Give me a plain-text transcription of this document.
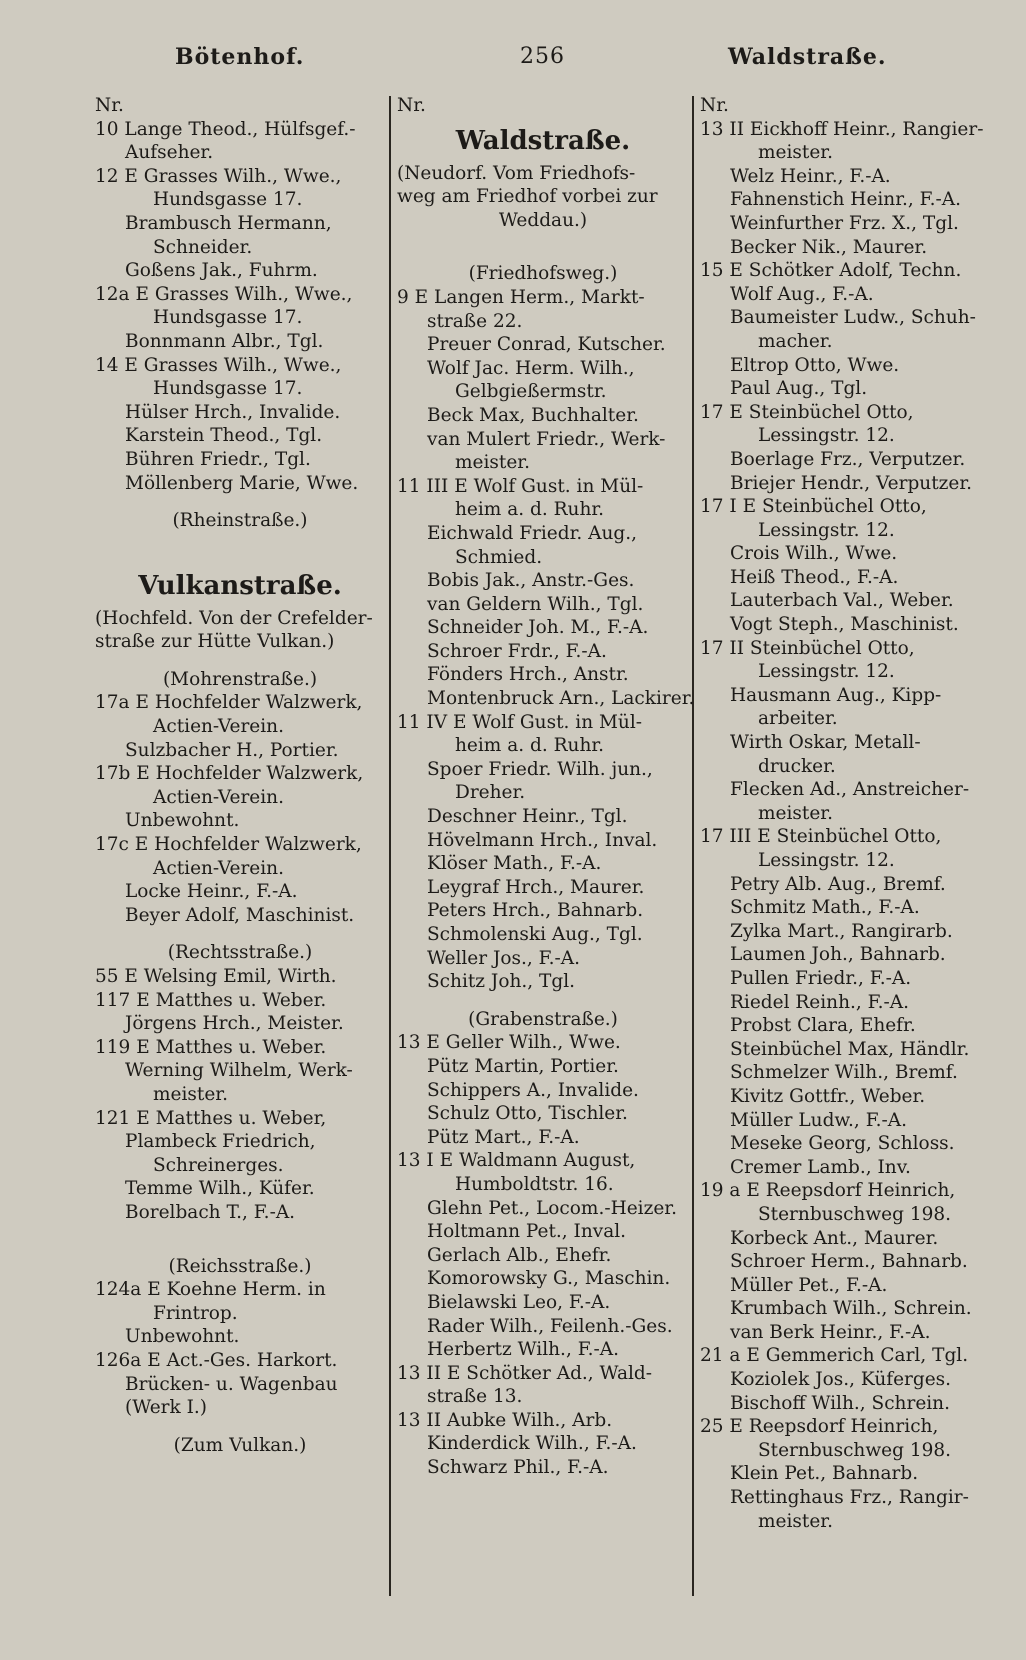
Bötenhof.	256	Waldstraße.
Nr.
10 Lange Theod., Hülfsgef.-
Aufseher.
12 E Grasses Wilh., Wwe.,
Hundsgasse 17.
Brambusch Hermann,
Schneider.
Goßens Jak., Fuhrm.
12a E Grasses Wilh., Wwe.,
Hundsgasse 17.
Bonnmann Albr., Tgl.
14 E Grasses Wilh., Wwe.,
Hundsgasse 17.
Hülser Hrch., Invalide.
Karstein Theod., Tgl.
Bühren Friedr., Tgl.
Möllenberg Marie, Wwe.
(Rheinstraße.)
Vulkanstraße.
(Hochfeld. Von der Crefelder-
straße zur Hütte Vulkan.)
(Mohrenstraße.)
17a E Hochfelder Walzwerk,
Actien-Verein.
Sulzbacher H., Portier.
17b E Hochfelder Walzwerk,
Actien-Verein.
Unbewohnt.
17c E Hochfelder Walzwerk,
Actien-Verein.
Locke Heinr., F.-A.
Beyer Adolf, Maschinist.
(Rechtsstraße.)
55 E Welsing Emil, Wirth.
117 E Matthes u. Weber.
Jörgens Hrch., Meister.
119 E Matthes u. Weber.
Werning Wilhelm, Werk-
meister.
121 E Matthes u. Weber,
Plambeck Friedrich,
Schreinerges.
Temme Wilh., Küfer.
Borelbach T., F.-A.
(Reichsstraße.)
124a E Koehne Herm. in
Frintrop.
Unbewohnt.
126a E Act.-Ges. Harkort.
Brücken- u. Wagenbau
(Werk I.)
(Zum Vulkan.)
Nr.
Waldstraße.
(Neudorf. Vom Friedhofs-
weg am Friedhof vorbei zur
Weddau.)
(Friedhofsweg.)
9 E Langen Herm., Markt-
straße 22.
Preuer Conrad, Kutscher.
Wolf Jac. Herm. Wilh.,
Gelbgießermstr.
Beck Max, Buchhalter.
van Mulert Friedr., Werk-
meister.
11 III E Wolf Gust. in Mül-
heim a. d. Ruhr.
Eichwald Friedr. Aug.,
Schmied.
Bobis Jak., Anstr.-Ges.
van Geldern Wilh., Tgl.
Schneider Joh. M., F.-A.
Schroer Frdr., F.-A.
Fönders Hrch., Anstr.
Montenbruck Arn., Lackirer.
11 IV E Wolf Gust. in Mül-
heim a. d. Ruhr.
Spoer Friedr. Wilh. jun.,
Dreher.
Deschner Heinr., Tgl.
Hövelmann Hrch., Inval.
Klöser Math., F.-A.
Leygraf Hrch., Maurer.
Peters Hrch., Bahnarb.
Schmolenski Aug., Tgl.
Weller Jos., F.-A.
Schitz Joh., Tgl.
(Grabenstraße.)
13 E Geller Wilh., Wwe.
Pütz Martin, Portier.
Schippers A., Invalide.
Schulz Otto, Tischler.
Pütz Mart., F.-A.
13 I E Waldmann August,
Humboldtstr. 16.
Glehn Pet., Locom.-Heizer.
Holtmann Pet., Inval.
Gerlach Alb., Ehefr.
Komorowsky G., Maschin.
Bielawski Leo, F.-A.
Rader Wilh., Feilenh.-Ges.
Herbertz Wilh., F.-A.
13 II E Schötker Ad., Wald-
straße 13.
13 II Aubke Wilh., Arb.
Kinderdick Wilh., F.-A.
Schwarz Phil., F.-A.
Nr.
13 II Eickhoff Heinr., Rangier-
meister.
Welz Heinr., F.-A.
Fahnenstich Heinr., F.-A.
Weinfurther Frz. X., Tgl.
Becker Nik., Maurer.
15 E Schötker Adolf, Techn.
Wolf Aug., F.-A.
Baumeister Ludw., Schuh-
macher.
Eltrop Otto, Wwe.
Paul Aug., Tgl.
17 E Steinbüchel Otto,
Lessingstr. 12.
Boerlage Frz., Verputzer.
Briejer Hendr., Verputzer.
17 I E Steinbüchel Otto,
Lessingstr. 12.
Crois Wilh., Wwe.
Heiß Theod., F.-A.
Lauterbach Val., Weber.
Vogt Steph., Maschinist.
17 II Steinbüchel Otto,
Lessingstr. 12.
Hausmann Aug., Kipp-
arbeiter.
Wirth Oskar, Metall-
drucker.
Flecken Ad., Anstreicher-
meister.
17 III E Steinbüchel Otto,
Lessingstr. 12.
Petry Alb. Aug., Bremf.
Schmitz Math., F.-A.
Zylka Mart., Rangirarb.
Laumen Joh., Bahnarb.
Pullen Friedr., F.-A.
Riedel Reinh., F.-A.
Probst Clara, Ehefr.
Steinbüchel Max, Händlr.
Schmelzer Wilh., Bremf.
Kivitz Gottfr., Weber.
Müller Ludw., F.-A.
Meseke Georg, Schloss.
Cremer Lamb., Inv.
19 a E Reepsdorf Heinrich,
Sternbuschweg 198.
Korbeck Ant., Maurer.
Schroer Herm., Bahnarb.
Müller Pet., F.-A.
Krumbach Wilh., Schrein.
van Berk Heinr., F.-A.
21 a E Gemmerich Carl, Tgl.
Koziolek Jos., Küferges.
Bischoff Wilh., Schrein.
25 E Reepsdorf Heinrich,
Sternbuschweg 198.
Klein Pet., Bahnarb.
Rettinghaus Frz., Rangir-
meister.
